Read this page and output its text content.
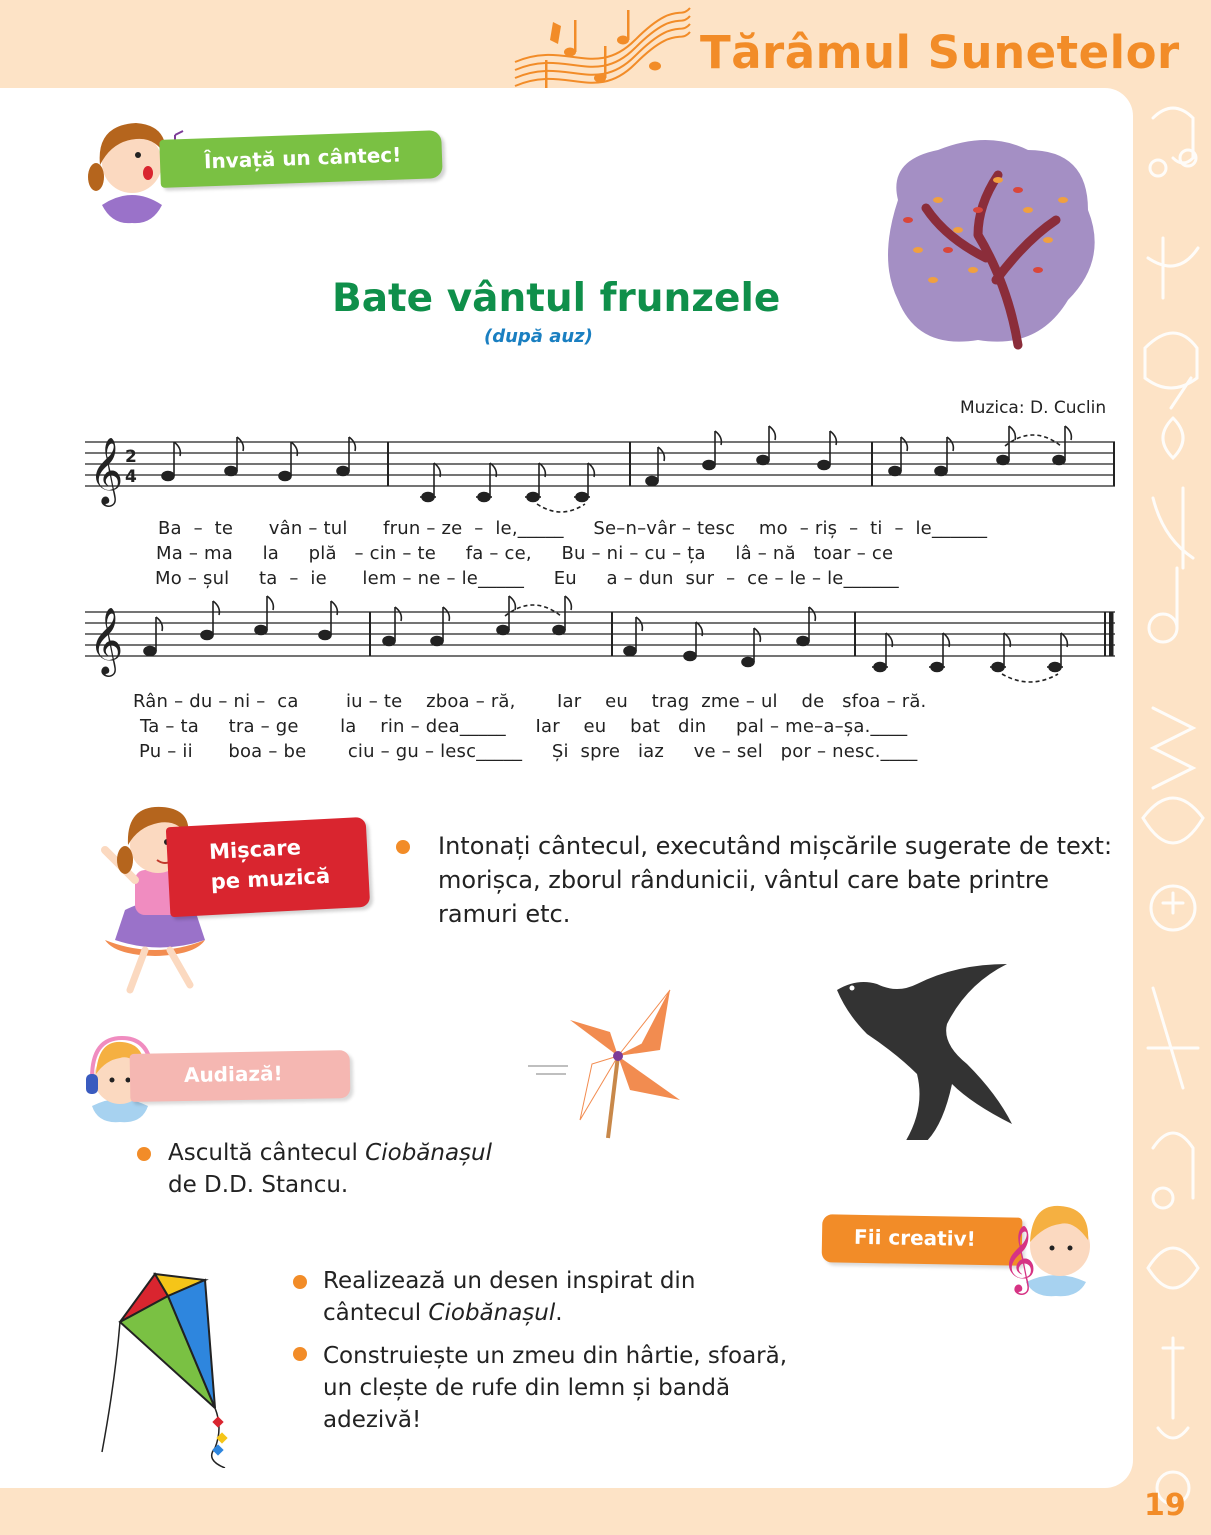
Tărâmul Sunetelor
Învață un cântec!
Bate vântul frunzele
(după auz)
Muzica: D. Cuclin
𝄞 2
4
Ba – te vân – tul frun – ze – le,_____     Se–n–vâr – tesc mo – riș – ti – le______
Ma – ma la plă – cin – te fa – ce, Bu – ni – cu – ța lâ – nă toar – ce
Mo – șul ta – ie lem – ne – le_____     Eu a – dun sur – ce – le – le______
𝄞
Rân – du – ni – ca	iu – te zboa – ră, Iar eu trag zme – ul de sfoa – ră.
Ta – ta tra – ge la rin – dea_____     Iar eu bat din pal – me–a–șa.____
Pu – ii boa – be ciu – gu – lesc_____     Și spre iaz ve – sel por – nesc.____
Mișcare
pe muzică
Intonați cântecul, executând mișcările sugerate de text: morișca, zborul rândunicii, vântul care bate printre ramuri etc.
Audiază!
Ascultă cântecul Ciobănașul
de D.D. Stancu.
Fii creativ! 𝄞
Realizează un desen inspirat din cântecul Ciobănașul.
Construiește un zmeu din hârtie, sfoară, un clește de rufe din lemn și bandă adezivă!
19
